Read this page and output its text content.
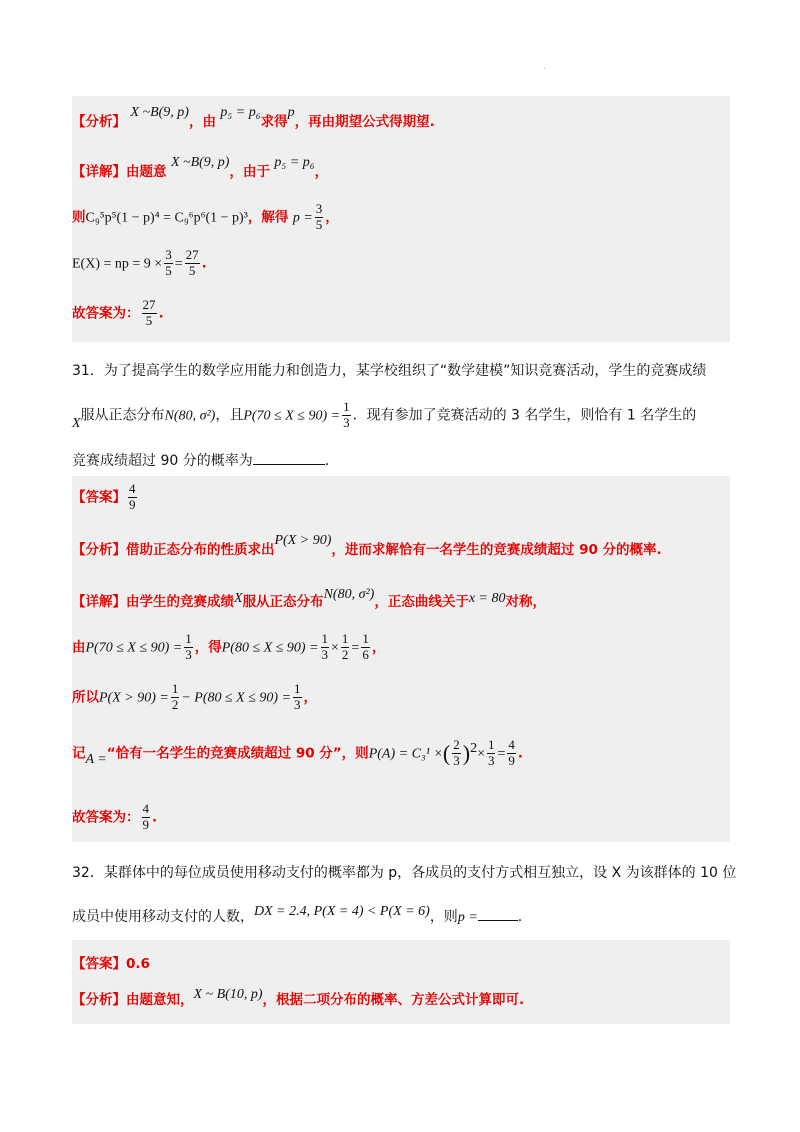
.
【分析】 X ~B(9, p)，由 p₅ = p₆求得p，再由期望公式得期望.
【详解】由题意 X ~B(9, p)，由于 p₅ = p₆，
则C₉⁵p⁵(1 − p)⁴ = C₉⁶p⁶(1 − p)³，解得 $p = \frac{3}{5}$ ，
E(X) = np = $9 \times \frac{3}{5} = \frac{27}{5}$ .
故答案为： $\frac{27}{5}$ .
31．为了提高学生的数学应用能力和创造力，某学校组织了“数学建模”知识竞赛活动，学生的竞赛成绩
X服从正态分布N(80, σ²)，且$P(70 \le X \le 90) = \frac{1}{3}$ ．现有参加了竞赛活动的 3 名学生，则恰有 1 名学生的
竞赛成绩超过 90 分的概率为	.
【答案】 $\frac{4}{9}$
【分析】借助正态分布的性质求出P(X > 90)，进而求解恰有一名学生的竞赛成绩超过 90 分的概率.
【详解】由学生的竞赛成绩X服从正态分布N(80, σ²)，正态曲线关于x = 80对称，
由$P(70 \le X \le 90) = \frac{1}{3}$ ，得$P(80 \le X \le 90) = \frac{1}{3} \times \frac{1}{2} = \frac{1}{6}$ ，
所以$P(X > 90) = \frac{1}{2} - P(80 \le X \le 90) = \frac{1}{3}$ ，
记A =“恰有一名学生的竞赛成绩超过 90 分”，则P(A) = C₃¹ ×( $\frac{2}{3} )^2\times \frac{1}{3} = \frac{4}{9}$ .
故答案为： $\frac{4}{9}$ .
32．某群体中的每位成员使用移动支付的概率都为 p，各成员的支付方式相互独立，设 X 为该群体的 10 位
成员中使用移动支付的人数，DX = 2.4, P(X = 4) < P(X = 6)，则p =	.
【答案】0.6
【分析】由题意知，X ~ B(10, p)，根据二项分布的概率、方差公式计算即可.
